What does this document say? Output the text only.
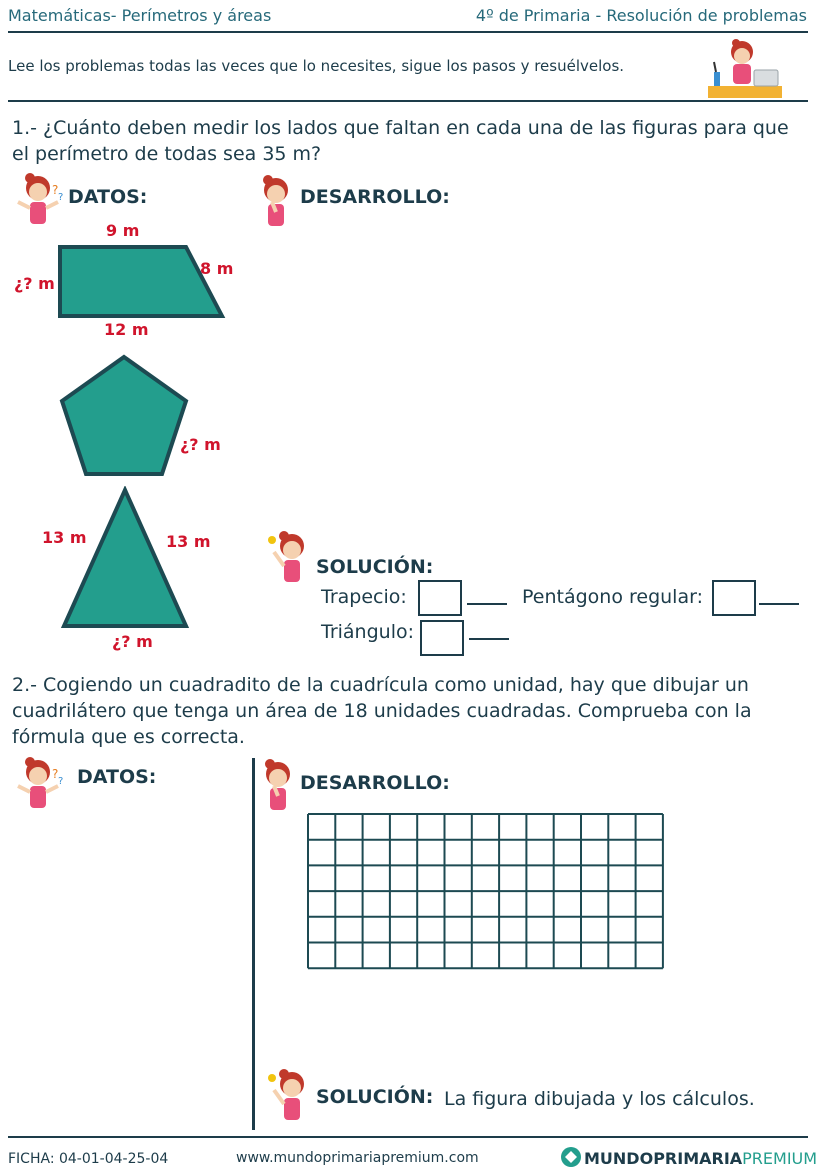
Matemáticas- Perímetros y áreas	4º de Primaria - Resolución de problemas
Lee los problemas todas las veces que lo necesites, sigue los pasos y resuélvelos.
1.- ¿Cuánto deben medir los lados que faltan en cada una de las figuras para que
el perímetro de todas sea 35 m?
?
? DATOS:	DESARROLLO:
9 m
8 m
¿? m
12 m
¿? m
13 m	13 m
¿? m
SOLUCIÓN:
Trapecio:	Pentágono regular:
Triángulo:
2.- Cogiendo un cuadradito de la cuadrícula como unidad, hay que dibujar un
cuadrilátero que tenga un área de 18 unidades cuadradas. Comprueba con la
fórmula que es correcta.
?
? DATOS:	DESARROLLO:
SOLUCIÓN: La figura dibujada y los cálculos.
FICHA: 04-01-04-25-04	www.mundoprimariapremium.com	MUNDOPRIMARIAPREMIUM
